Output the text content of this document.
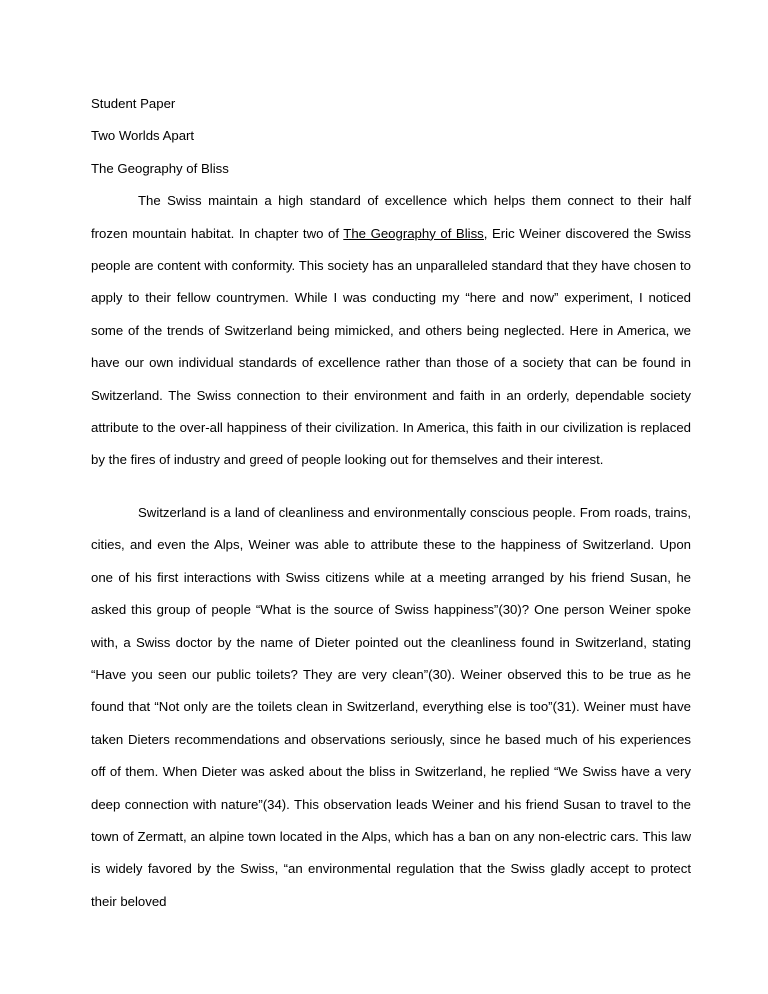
Student Paper

Two Worlds Apart

The Geography of Bliss

The Swiss maintain a high standard of excellence which helps them connect to their half frozen mountain habitat. In chapter two of The Geography of Bliss, Eric Weiner discovered the Swiss people are content with conformity. This society has an unparalleled standard that they have chosen to apply to their fellow countrymen. While I was conducting my “here and now” experiment, I noticed some of the trends of Switzerland being mimicked, and others being neglected. Here in America, we have our own individual standards of excellence rather than those of a society that can be found in Switzerland. The Swiss connection to their environment and faith in an orderly, dependable society attribute to the over-all happiness of their civilization. In America, this faith in our civilization is replaced by the fires of industry and greed of people looking out for themselves and their interest.

Switzerland is a land of cleanliness and environmentally conscious people. From roads, trains, cities, and even the Alps, Weiner was able to attribute these to the happiness of Switzerland. Upon one of his first interactions with Swiss citizens while at a meeting arranged by his friend Susan, he asked this group of people “What is the source of Swiss happiness”(30)? One person Weiner spoke with, a Swiss doctor by the name of Dieter pointed out the cleanliness found in Switzerland, stating “Have you seen our public toilets? They are very clean”(30). Weiner observed this to be true as he found that “Not only are the toilets clean in Switzerland, everything else is too”(31). Weiner must have taken Dieters recommendations and observations seriously, since he based much of his experiences off of them. When Dieter was asked about the bliss in Switzerland, he replied “We Swiss have a very deep connection with nature”(34). This observation leads Weiner and his friend Susan to travel to the town of Zermatt, an alpine town located in the Alps, which has a ban on any non-electric cars. This law is widely favored by the Swiss, “an environmental regulation that the Swiss gladly accept to protect their beloved
